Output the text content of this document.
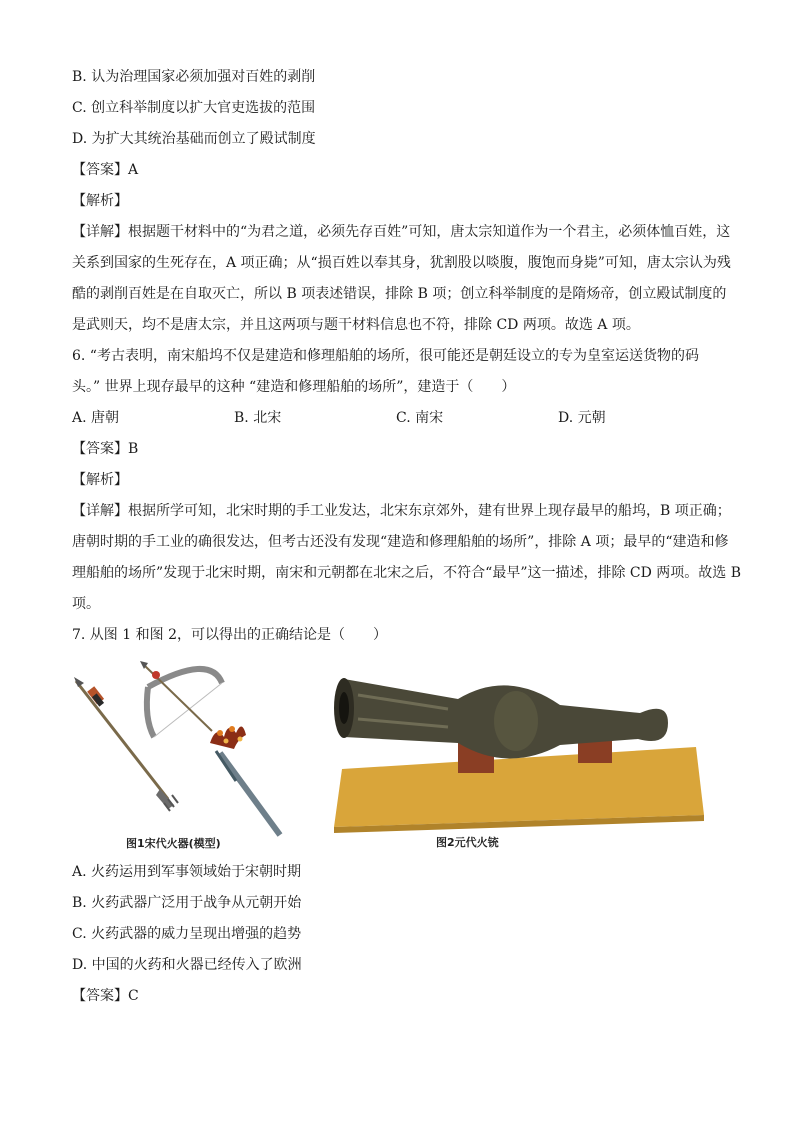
B. 认为治理国家必须加强对百姓的剥削

C. 创立科举制度以扩大官吏选拔的范围

D. 为扩大其统治基础而创立了殿试制度

【答案】A

【解析】

【详解】根据题干材料中的“为君之道，必须先存百姓”可知，唐太宗知道作为一个君主，必须体恤百姓，这

关系到国家的生死存在，A 项正确；从“损百姓以奉其身，犹割股以啖腹，腹饱而身毙”可知，唐太宗认为残

酷的剥削百姓是在自取灭亡，所以 B 项表述错误，排除 B 项；创立科举制度的是隋炀帝，创立殿试制度的

是武则天，均不是唐太宗，并且这两项与题干材料信息也不符，排除 CD 两项。故选 A 项。

6. “考古表明，南宋船坞不仅是建造和修理船舶的场所，很可能还是朝廷设立的专为皇室运送货物的码

头。” 世界上现存最早的这种 “建造和修理船舶的场所”，建造于（　　）

A. 唐朝	B. 北宋	C. 南宋	D. 元朝

【答案】B

【解析】

【详解】根据所学可知，北宋时期的手工业发达，北宋东京郊外，建有世界上现存最早的船坞，B 项正确；

唐朝时期的手工业的确很发达，但考古还没有发现“建造和修理船舶的场所”，排除 A 项；最早的“建造和修

理船舶的场所”发现于北宋时期，南宋和元朝都在北宋之后，不符合“最早”这一描述，排除 CD 两项。故选 B

项。

7. 从图 1 和图 2，可以得出的正确结论是（　　）

图1宋代火器(模型)	图2元代火铳

A. 火药运用到军事领域始于宋朝时期

B. 火药武器广泛用于战争从元朝开始

C. 火药武器的威力呈现出增强的趋势

D. 中国的火药和火器已经传入了欧洲

【答案】C
